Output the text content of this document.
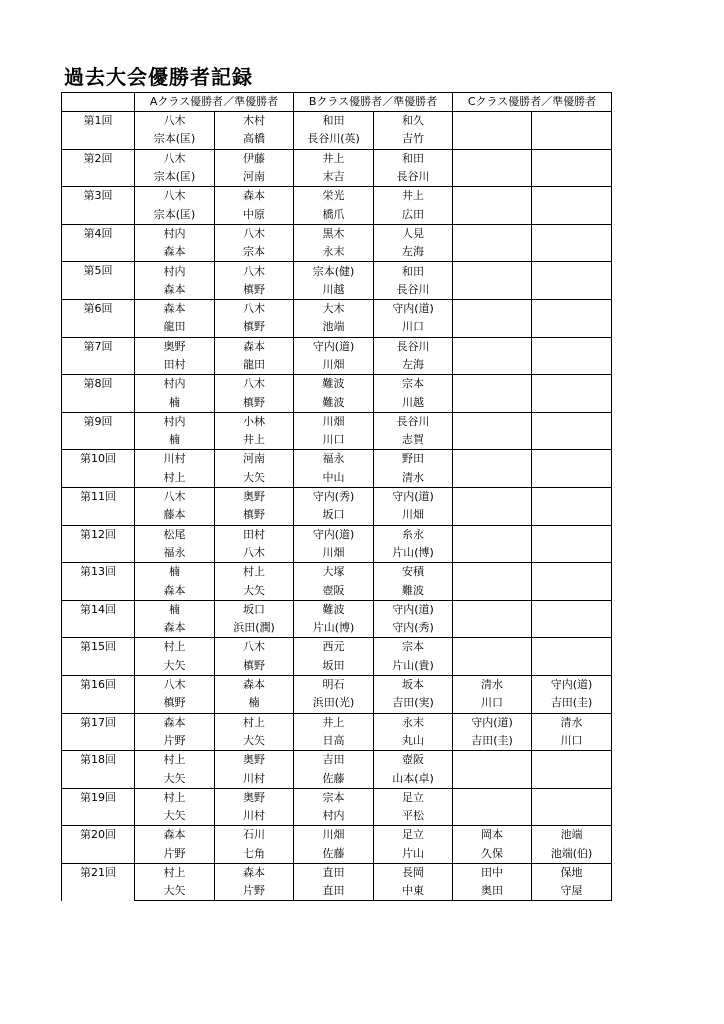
過去大会優勝者記録
	Aクラス優勝者／準優勝者		Bクラス優勝者／準優勝者		Cクラス優勝者／準優勝者	
第1回	八木	木村	和田	和久		
	宗本(匡)	高橋	長谷川(英)	吉竹		
第2回	八木	伊藤	井上	和田		
	宗本(匡)	河南	末吉	長谷川		
第3回	八木	森本	栄光	井上		
	宗本(匡)	中原	橋爪	広田		
第4回	村内	八木	黒木	人見		
	森本	宗本	永末	左海		
第5回	村内	八木	宗本(健)	和田		
	森本	槙野	川越	長谷川		
第6回	森本	八木	大木	守内(道)		
	龍田	槙野	池端	川口		
第7回	奥野	森本	守内(道)	長谷川		
	田村	龍田	川畑	左海		
第8回	村内	八木	難波	宗本		
	楠	槙野	難波	川越		
第9回	村内	小林	川畑	長谷川		
	楠	井上	川口	志賀		
第10回	川村	河南	福永	野田		
	村上	大矢	中山	清水		
第11回	八木	奥野	守内(秀)	守内(道)		
	藤本	槙野	坂口	川畑		
第12回	松尾	田村	守内(道)	糸永		
	福永	八木	川畑	片山(博)		
第13回	楠	村上	大塚	安積		
	森本	大矢	壺阪	難波		
第14回	楠	坂口	難波	守内(道)		
	森本	浜田(潤)	片山(博)	守内(秀)		
第15回	村上	八木	西元	宗本		
	大矢	槙野	坂田	片山(貴)		
第16回	八木	森本	明石	坂本	清水	守内(道)
	槙野	楠	浜田(光)	吉田(実)	川口	吉田(圭)
第17回	森本	村上	井上	永末	守内(道)	清水
	片野	大矢	日高	丸山	吉田(圭)	川口
第18回	村上	奥野	吉田	壺阪		
	大矢	川村	佐藤	山本(卓)		
第19回	村上	奥野	宗本	足立		
	大矢	川村	村内	平松		
第20回	森本	石川	川畑	足立	岡本	池端
	片野	七角	佐藤	片山	久保	池端(伯)
第21回	村上	森本	直田	長岡	田中	保地
	大矢	片野	直田	中東	奥田	守屋
